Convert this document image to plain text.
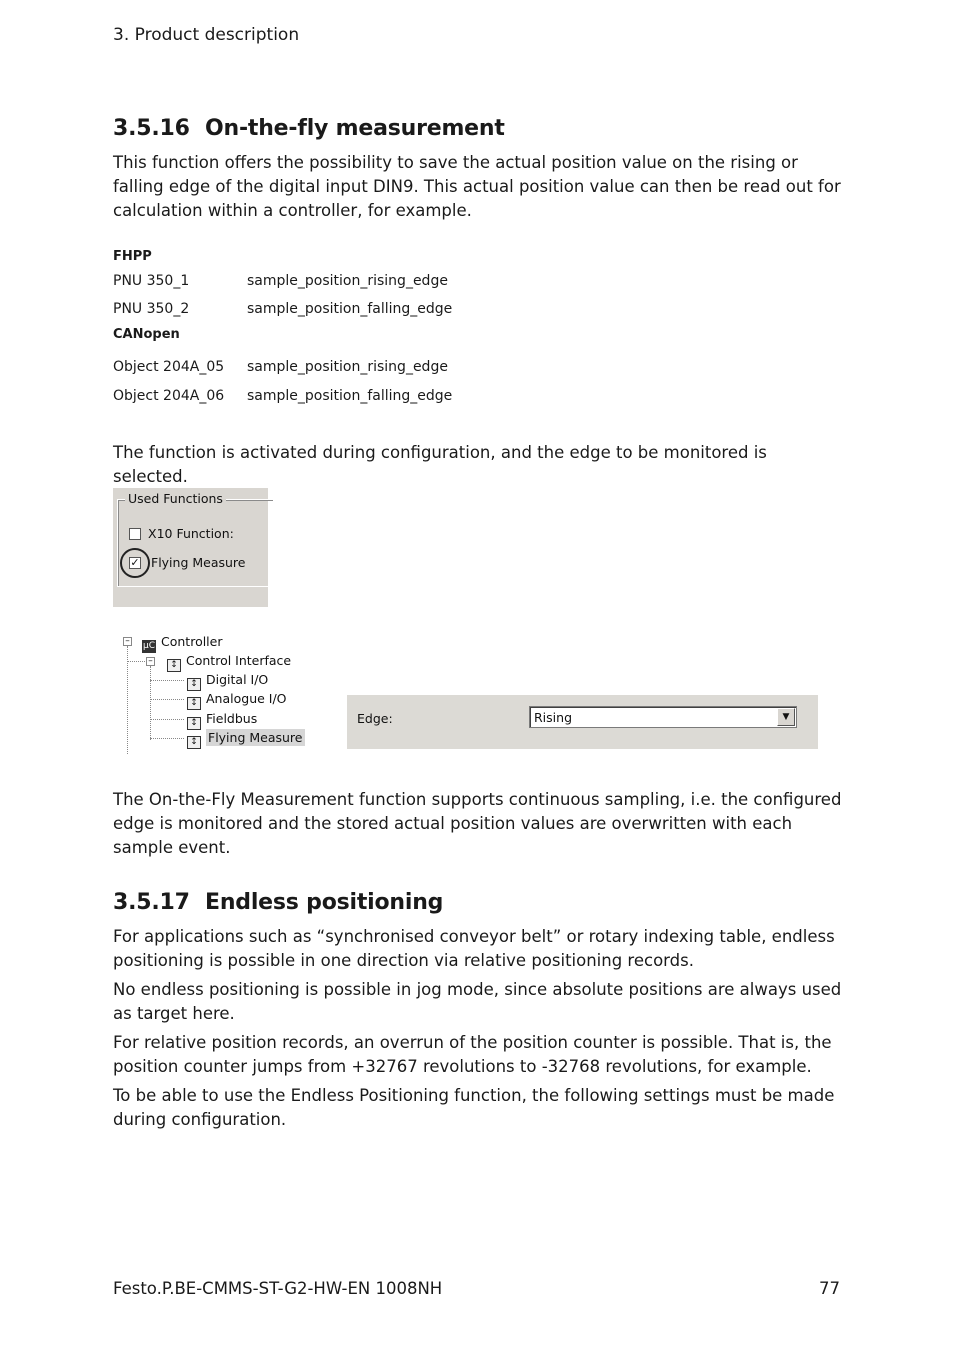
3. Product description
3.5.16 On-the-fly measurement
This function offers the possibility to save the actual position value on the rising or falling edge of the digital input DIN9. This actual position value can then be read out for calculation within a controller, for example.
FHPP
PNU 350_1	sample_position_rising_edge
PNU 350_2	sample_position_falling_edge
CANopen
Object 204A_05 sample_position_rising_edge
Object 204A_06 sample_position_falling_edge
The function is activated during configuration, and the edge to be monitored is selected.
Used Functions
X10 Function:
✓ Flying Measure
– µC Controller
–	↕ Control Interface
↕ Digital I/O
↕ Analogue I/O
↕ Fieldbus
↕ Flying Measure
Edge:	Rising	▼
The On-the-Fly Measurement function supports continuous sampling, i.e. the configured edge is monitored and the stored actual position values are overwritten with each sample event.
3.5.17 Endless positioning
For applications such as “synchronised conveyor belt” or rotary indexing table, endless positioning is possible in one direction via relative positioning records.
No endless positioning is possible in jog mode, since absolute positions are always used as target here.
For relative position records, an overrun of the position counter is possible. That is, the position counter jumps from +32767 revolutions to -32768 revolutions, for example.
To be able to use the Endless Positioning function, the following settings must be made during configuration.
Festo.P.BE-CMMS-ST-G2-HW-EN 1008NH	77
